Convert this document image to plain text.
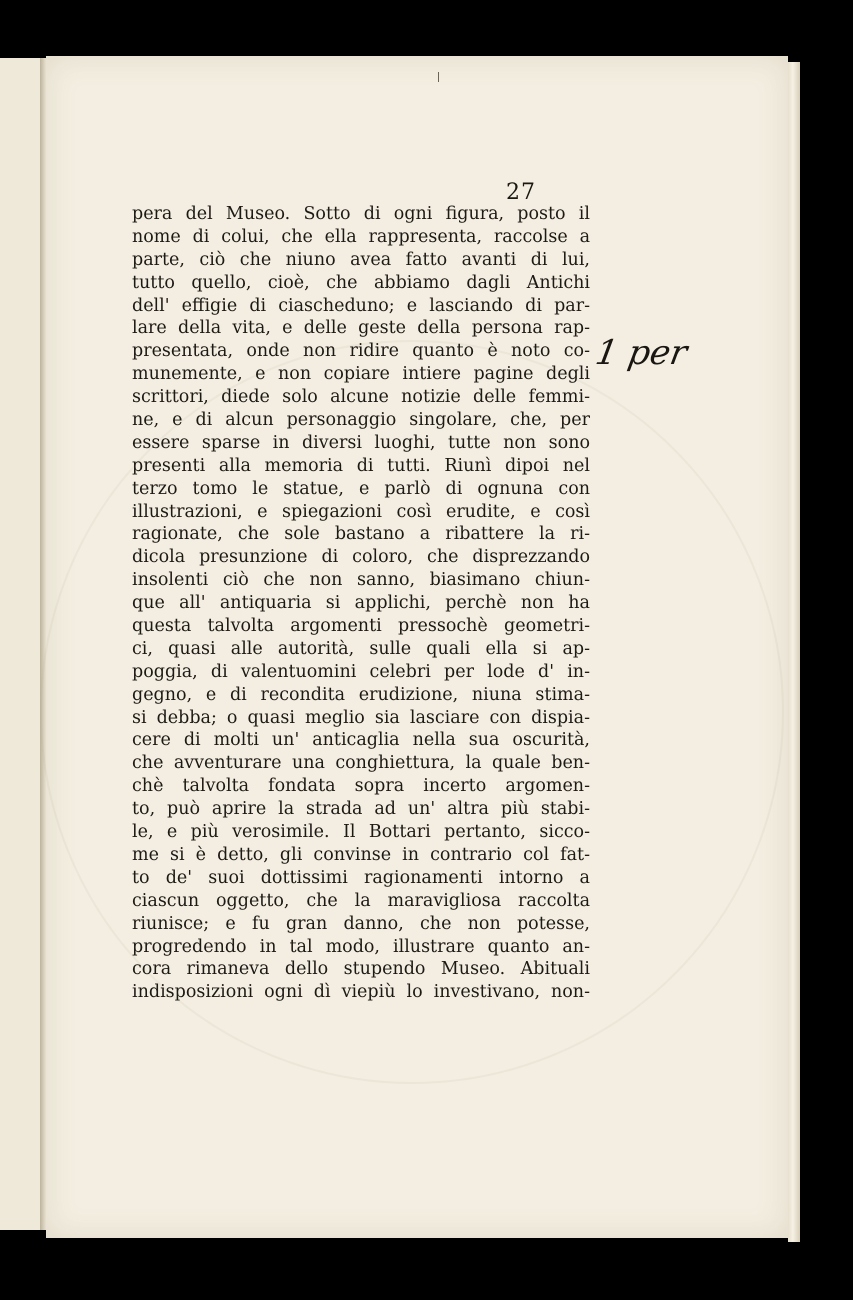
27
pera del Museo. Sotto di ogni figura, posto il
nome di colui, che ella rappresenta, raccolse a
parte, ciò che niuno avea fatto avanti di lui,
tutto quello, cioè, che abbiamo dagli Antichi
dell' effigie di ciascheduno; e lasciando di par-
lare della vita, e delle geste della persona rap-
presentata, onde non ridire quanto è noto co-
munemente, e non copiare intiere pagine degli
scrittori, diede solo alcune notizie delle femmi-
ne, e di alcun personaggio singolare, che, per
essere sparse in diversi luoghi, tutte non sono
presenti alla memoria di tutti. Riunì dipoi nel
terzo tomo le statue, e parlò di ognuna con
illustrazioni, e spiegazioni così erudite, e così
ragionate, che sole bastano a ribattere la ri-
dicola presunzione di coloro, che disprezzando
insolenti ciò che non sanno, biasimano chiun-
que all' antiquaria si applichi, perchè non ha
questa talvolta argomenti pressochè geometri-
ci, quasi alle autorità, sulle quali ella si ap-
poggia, di valentuomini celebri per lode d' in-
gegno, e di recondita erudizione, niuna stima-
si debba; o quasi meglio sia lasciare con dispia-
cere di molti un' anticaglia nella sua oscurità,
che avventurare una conghiettura, la quale ben-
chè talvolta fondata sopra incerto argomen-
to, può aprire la strada ad un' altra più stabi-
le, e più verosimile. Il Bottari pertanto, sicco-
me si è detto, gli convinse in contrario col fat-
to de' suoi dottissimi ragionamenti intorno a
ciascun oggetto, che la maravigliosa raccolta
riunisce; e fu gran danno, che non potesse,
progredendo in tal modo, illustrare quanto an-
cora rimaneva dello stupendo Museo. Abituali
indisposizioni ogni dì viepiù lo investivano, non-
1 per
